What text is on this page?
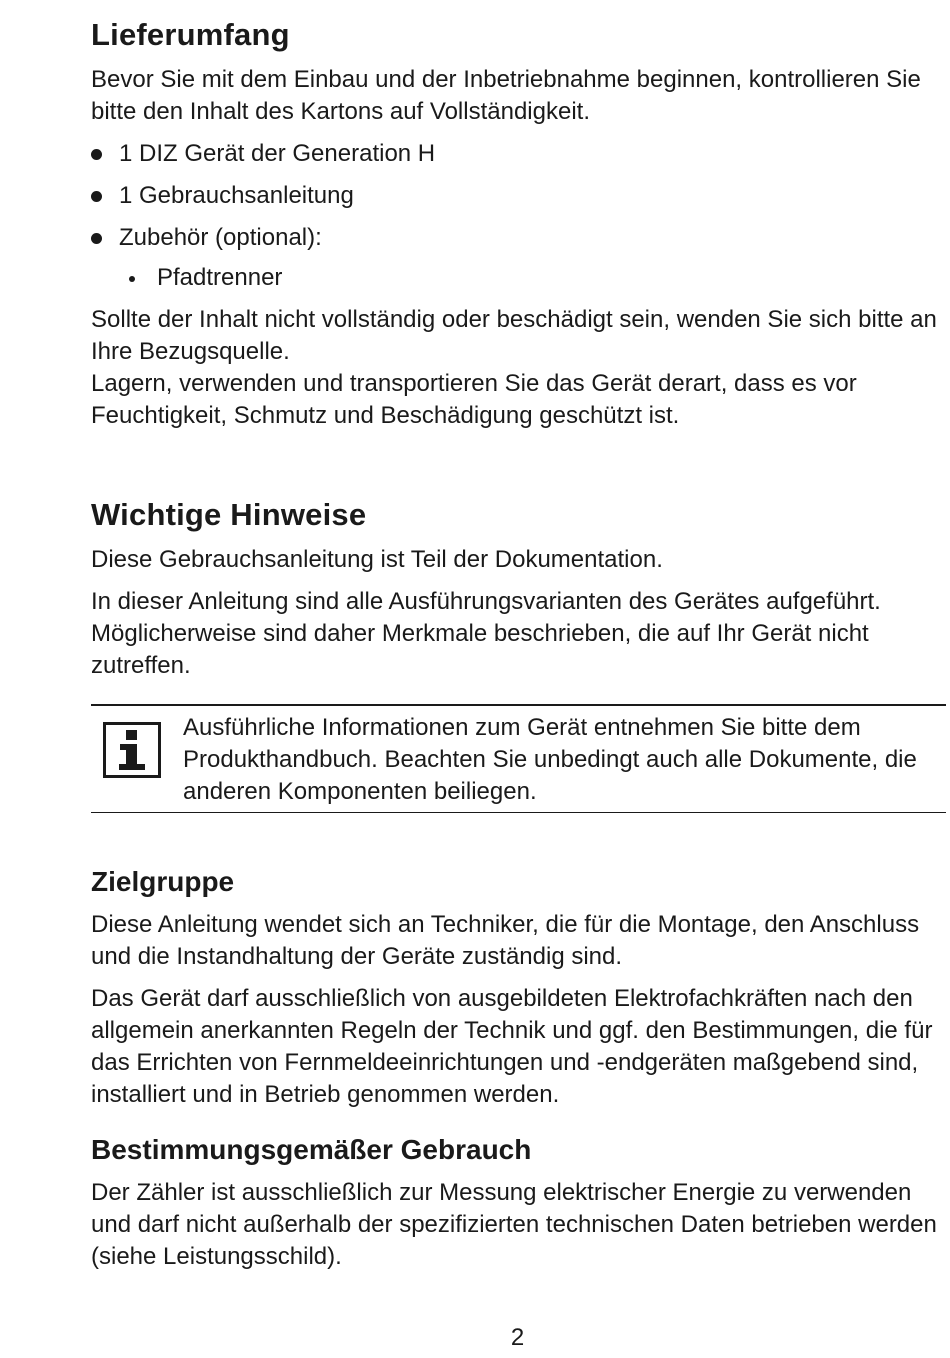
Lieferumfang

Bevor Sie mit dem Einbau und der Inbetriebnahme beginnen, kontrollieren Sie bitte den Inhalt des Kartons auf Vollständigkeit.

1 DIZ Gerät der Generation H
1 Gebrauchsanleitung
Zubehör (optional):
Pfadtrenner

Sollte der Inhalt nicht vollständig oder beschädigt sein, wenden Sie sich bitte an Ihre Bezugsquelle.

Lagern, verwenden und transportieren Sie das Gerät derart, dass es vor Feuchtigkeit, Schmutz und Beschädigung geschützt ist.

Wichtige Hinweise

Diese Gebrauchsanleitung ist Teil der Dokumentation.

In dieser Anleitung sind alle Ausführungsvarianten des Gerätes aufgeführt. Möglicherweise sind daher Merkmale beschrieben, die auf Ihr Gerät nicht zutreffen.

Ausführliche Informationen zum Gerät entnehmen Sie bitte dem Produkthandbuch. Beachten Sie unbedingt auch alle Dokumente, die anderen Komponenten beiliegen.

Zielgruppe

Diese Anleitung wendet sich an Techniker, die für die Montage, den Anschluss und die Instandhaltung der Geräte zuständig sind.

Das Gerät darf ausschließlich von ausgebildeten Elektrofachkräften nach den allgemein anerkannten Regeln der Technik und ggf. den Bestimmungen, die für das Errichten von Fernmeldeeinrichtungen und -endgeräten maßgebend sind, installiert und in Betrieb genommen werden.

Bestimmungsgemäßer Gebrauch

Der Zähler ist ausschließlich zur Messung elektrischer Energie zu verwenden und darf nicht außerhalb der spezifizierten technischen Daten betrieben werden (siehe Leistungsschild).

2
